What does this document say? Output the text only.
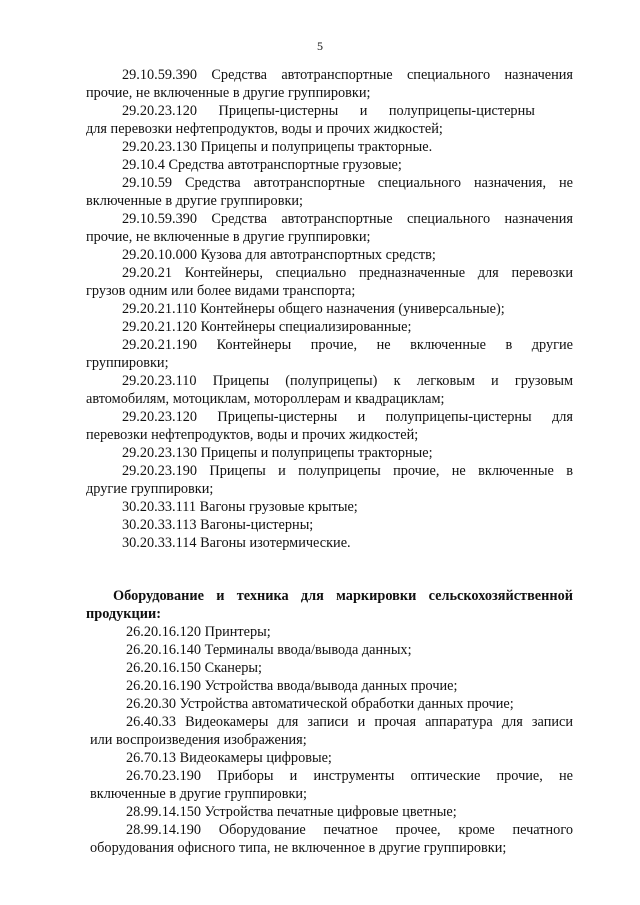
5
29.10.59.390 Средства автотранспортные специального назначения
прочие, не включенные в другие группировки;
29.20.23.120      Прицепы-цистерны      и      полуприцепы-цистерны
для перевозки нефтепродуктов, воды и прочих жидкостей;
29.20.23.130 Прицепы и полуприцепы тракторные.
29.10.4 Средства автотранспортные грузовые;
29.10.59 Средства автотранспортные специального назначения, не
включенные в другие группировки;
29.10.59.390 Средства автотранспортные специального назначения
прочие, не включенные в другие группировки;
29.20.10.000 Кузова для автотранспортных средств;
29.20.21 Контейнеры, специально предназначенные для перевозки
грузов одним или более видами транспорта;
29.20.21.110 Контейнеры общего назначения (универсальные);
29.20.21.120 Контейнеры специализированные;
29.20.21.190 Контейнеры прочие, не включенные в другие
группировки;
29.20.23.110 Прицепы (полуприцепы) к легковым и грузовым
автомобилям, мотоциклам, мотороллерам и квадрациклам;
29.20.23.120 Прицепы-цистерны и полуприцепы-цистерны для
перевозки нефтепродуктов, воды и прочих жидкостей;
29.20.23.130 Прицепы и полуприцепы тракторные;
29.20.23.190 Прицепы и полуприцепы прочие, не включенные в
другие группировки;
30.20.33.111 Вагоны грузовые крытые;
30.20.33.113 Вагоны-цистерны;
30.20.33.114 Вагоны изотермические.
Оборудование и техника для маркировки сельскохозяйственной
продукции:
26.20.16.120 Принтеры;
26.20.16.140 Терминалы ввода/вывода данных;
26.20.16.150 Сканеры;
26.20.16.190 Устройства ввода/вывода данных прочие;
26.20.30 Устройства автоматической обработки данных прочие;
26.40.33 Видеокамеры для записи и прочая аппаратура для записи
или воспроизведения изображения;
26.70.13 Видеокамеры цифровые;
26.70.23.190 Приборы и инструменты оптические прочие, не
включенные в другие группировки;
28.99.14.150 Устройства печатные цифровые цветные;
28.99.14.190 Оборудование печатное прочее, кроме печатного
оборудования офисного типа, не включенное в другие группировки;
